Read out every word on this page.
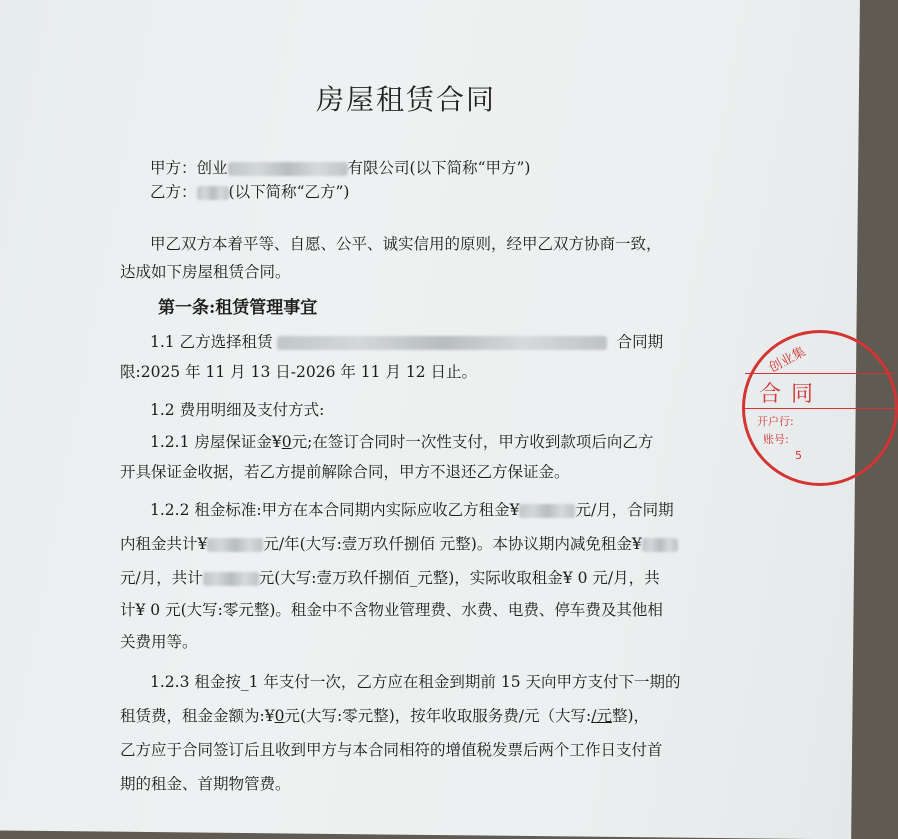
房屋租赁合同
甲方：创业	有限公司(以下简称“甲方”)
乙方： (以下简称“乙方”)
甲乙双方本着平等、自愿、公平、诚实信用的原则，经甲乙双方协商一致，
达成如下房屋租赁合同。
第一条:租赁管理事宜
1.1 乙方选择租赁	合同期
限:2025 年 11 月 13 日-2026 年 11 月 12 日止。
1.2 费用明细及支付方式:
1.2.1 房屋保证金¥0元;在签订合同时一次性支付，甲方收到款项后向乙方
开具保证金收据，若乙方提前解除合同，甲方不退还乙方保证金。
1.2.2 租金标准:甲方在本合同期内实际应收乙方租金¥	元/月，合同期
内租金共计¥	元/年(大写:壹万玖仟捌佰 元整)。本协议期内减免租金¥
元/月，共计	元(大写:壹万玖仟捌佰_元整)，实际收取租金¥ 0 元/月，共
计¥ 0 元(大写:零元整)。租金中不含物业管理费、水费、电费、停车费及其他相
关费用等。
1.2.3 租金按_1 年支付一次，乙方应在租金到期前 15 天向甲方支付下一期的
租赁费，租金金额为:¥0元(大写:零元整)，按年收取服务费/元（大写:/元整)，
乙方应于合同签订后且收到甲方与本合同相符的增值税发票后两个工作日支付首
期的租金、首期物管费。
创业集
合同
开户行:
账号:
5
